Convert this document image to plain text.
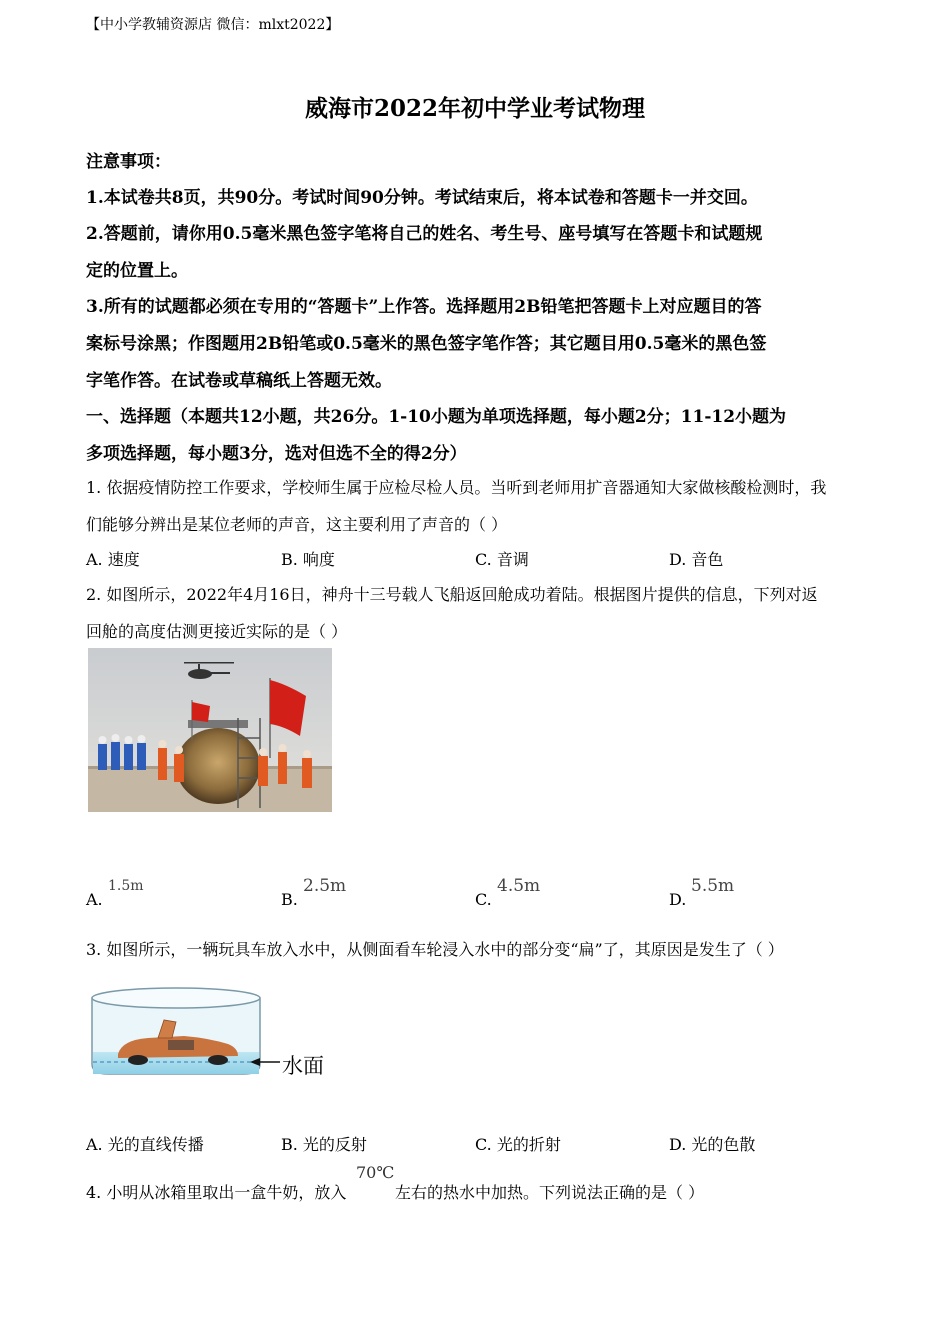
【中小学教辅资源店 微信：mlxt2022】
威海市2022年初中学业考试物理
注意事项：
1.本试卷共8页，共90分。考试时间90分钟。考试结束后，将本试卷和答题卡一并交回。
2.答题前，请你用0.5毫米黑色签字笔将自己的姓名、考生号、座号填写在答题卡和试题规
定的位置上。
3.所有的试题都必须在专用的“答题卡”上作答。选择题用2B铅笔把答题卡上对应题目的答
案标号涂黑；作图题用2B铅笔或0.5毫米的黑色签字笔作答；其它题目用0.5毫米的黑色签
字笔作答。在试卷或草稿纸上答题无效。
一、选择题（本题共12小题，共26分。1-10小题为单项选择题，每小题2分；11-12小题为
多项选择题，每小题3分，选对但选不全的得2分）
1. 依据疫情防控工作要求，学校师生属于应检尽检人员。当听到老师用扩音器通知大家做核酸检测时，我
们能够分辨出是某位老师的声音，这主要利用了声音的（ ）
A. 速度	B. 响度	C. 音调	D. 音色
2. 如图所示，2022年4月16日，神舟十三号载人飞船返回舱成功着陆。根据图片提供的信息，下列对返
回舱的高度估测更接近实际的是（ ）
A.
1.5m
B.
2.5m
C.
4.5m
D.
5.5m
3. 如图所示，一辆玩具车放入水中，从侧面看车轮浸入水中的部分变“扁”了，其原因是发生了（ ）
水面
A. 光的直线传播	B. 光的反射	C. 光的折射	D. 光的色散
4. 小明从冰箱里取出一盒牛奶，放入
70℃
左右的热水中加热。下列说法正确的是（ ）
